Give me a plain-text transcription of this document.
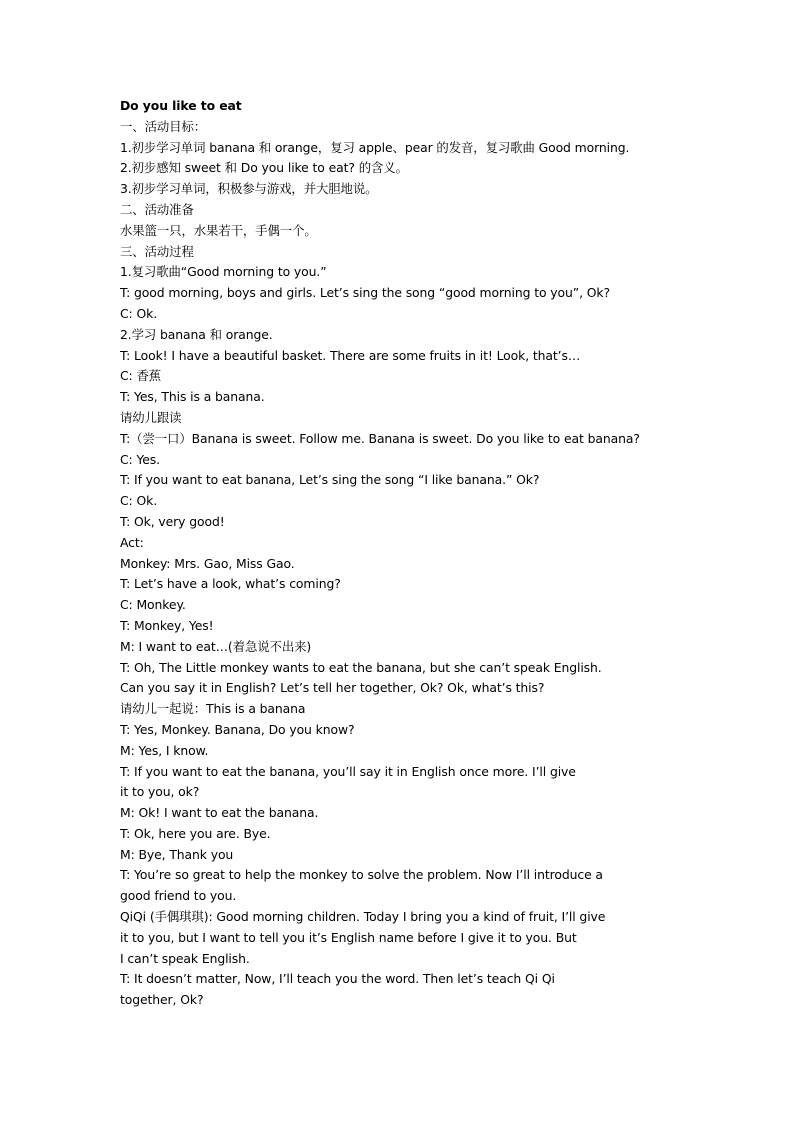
Do you like to eat
一、活动目标：
1.初步学习单词 banana 和 orange，复习 apple、pear 的发音，复习歌曲 Good morning.
2.初步感知 sweet 和 Do you like to eat? 的含义。
3.初步学习单词，积极参与游戏，并大胆地说。
二、活动准备
水果篮一只，水果若干，手偶一个。
三、活动过程
1.复习歌曲“Good morning to you.”
T: good morning, boys and girls. Let’s sing the song “good morning to you”, Ok?
C: Ok.
2.学习 banana 和 orange.
T: Look! I have a beautiful basket. There are some fruits in it! Look, that’s…
C: 香蕉
T: Yes, This is a banana.
请幼儿跟读
T:（尝一口）Banana is sweet. Follow me. Banana is sweet. Do you like to eat banana?
C: Yes.
T: If you want to eat banana, Let’s sing the song “I like banana.” Ok?
C: Ok.
T: Ok, very good!
Act:
Monkey: Mrs. Gao, Miss Gao.
T: Let’s have a look, what’s coming?
C: Monkey.
T: Monkey, Yes!
M: I want to eat…(着急说不出来)
T: Oh, The Little monkey wants to eat the banana, but she can’t speak English.
Can you say it in English? Let’s tell her together, Ok? Ok, what’s this?
请幼儿一起说：This is a banana
T: Yes, Monkey. Banana, Do you know?
M: Yes, I know.
T: If you want to eat the banana, you’ll say it in English once more. I’ll give
it to you, ok?
M: Ok! I want to eat the banana.
T: Ok, here you are. Bye.
M: Bye, Thank you
T: You’re so great to help the monkey to solve the problem. Now I’ll introduce a
good friend to you.
QiQi (手偶琪琪): Good morning children. Today I bring you a kind of fruit, I’ll give
it to you, but I want to tell you it’s English name before I give it to you. But
I can’t speak English.
T: It doesn’t matter, Now, I’ll teach you the word. Then let’s teach Qi Qi
together, Ok?
